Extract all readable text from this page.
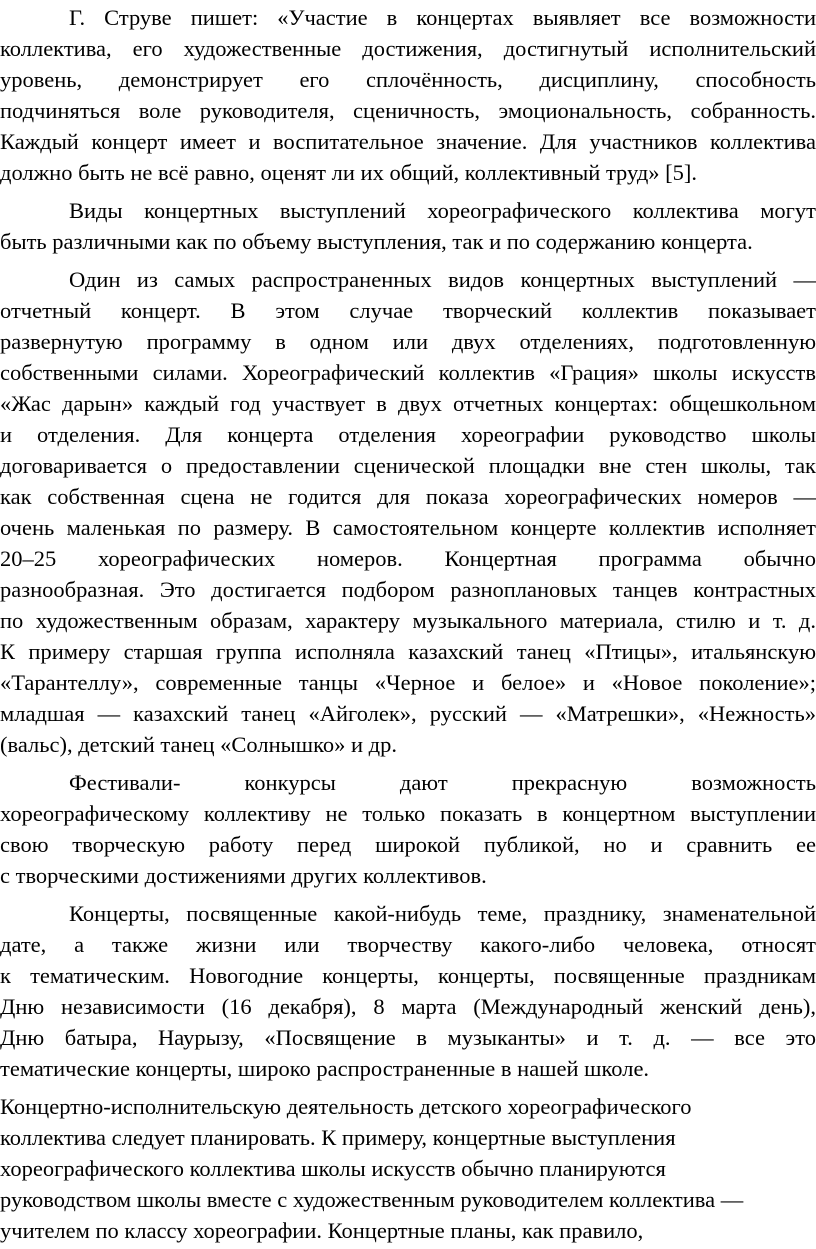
Г. Струве пишет: «Участие в концертах выявляет все возможности
коллектива, его художественные достижения, достигнутый исполнительский
уровень, демонстрирует его сплочённость, дисциплину, способность
подчиняться воле руководителя, сценичность, эмоциональность, собранность.
Каждый концерт имеет и воспитательное значение. Для участников коллектива
должно быть не всё равно, оценят ли их общий, коллективный труд» [5].
Виды концертных выступлений хореографического коллектива могут
быть различными как по объему выступления, так и по содержанию концерта.
Один из самых распространенных видов концертных выступлений —
отчетный концерт. В этом случае творческий коллектив показывает
развернутую программу в одном или двух отделениях, подготовленную
собственными силами. Хореографический коллектив «Грация» школы искусств
«Жас дарын» каждый год участвует в двух отчетных концертах: общешкольном
и отделения. Для концерта отделения хореографии руководство школы
договаривается о предоставлении сценической площадки вне стен школы, так
как собственная сцена не годится для показа хореографических номеров —
очень маленькая по размеру. В самостоятельном концерте коллектив исполняет
20–25 хореографических номеров. Концертная программа обычно
разнообразная. Это достигается подбором разноплановых танцев контрастных
по художественным образам, характеру музыкального материала, стилю и т. д.
К примеру старшая группа исполняла казахский танец «Птицы», итальянскую
«Тарантеллу», современные танцы «Черное и белое» и «Новое поколение»;
младшая — казахский танец «Айголек», русский — «Матрешки», «Нежность»
(вальс), детский танец «Солнышко» и др.
Фестивали- конкурсы дают прекрасную возможность
хореографическому коллективу не только показать в концертном выступлении
свою творческую работу перед широкой публикой, но и сравнить ее
с творческими достижениями других коллективов.
Концерты, посвященные какой-нибудь теме, празднику, знаменательной
дате, а также жизни или творчеству какого-либо человека, относят
к тематическим. Новогодние концерты, концерты, посвященные праздникам
Дню независимости (16 декабря), 8 марта (Международный женский день),
Дню батыра, Наурызу, «Посвящение в музыканты» и т. д. — все это
тематические концерты, широко распространенные в нашей школе.
Концертно-исполнительскую деятельность детского хореографического
коллектива следует планировать. К примеру, концертные выступления
хореографического коллектива школы искусств обычно планируются
руководством школы вместе с художественным руководителем коллектива —
учителем по классу хореографии. Концертные планы, как правило,
